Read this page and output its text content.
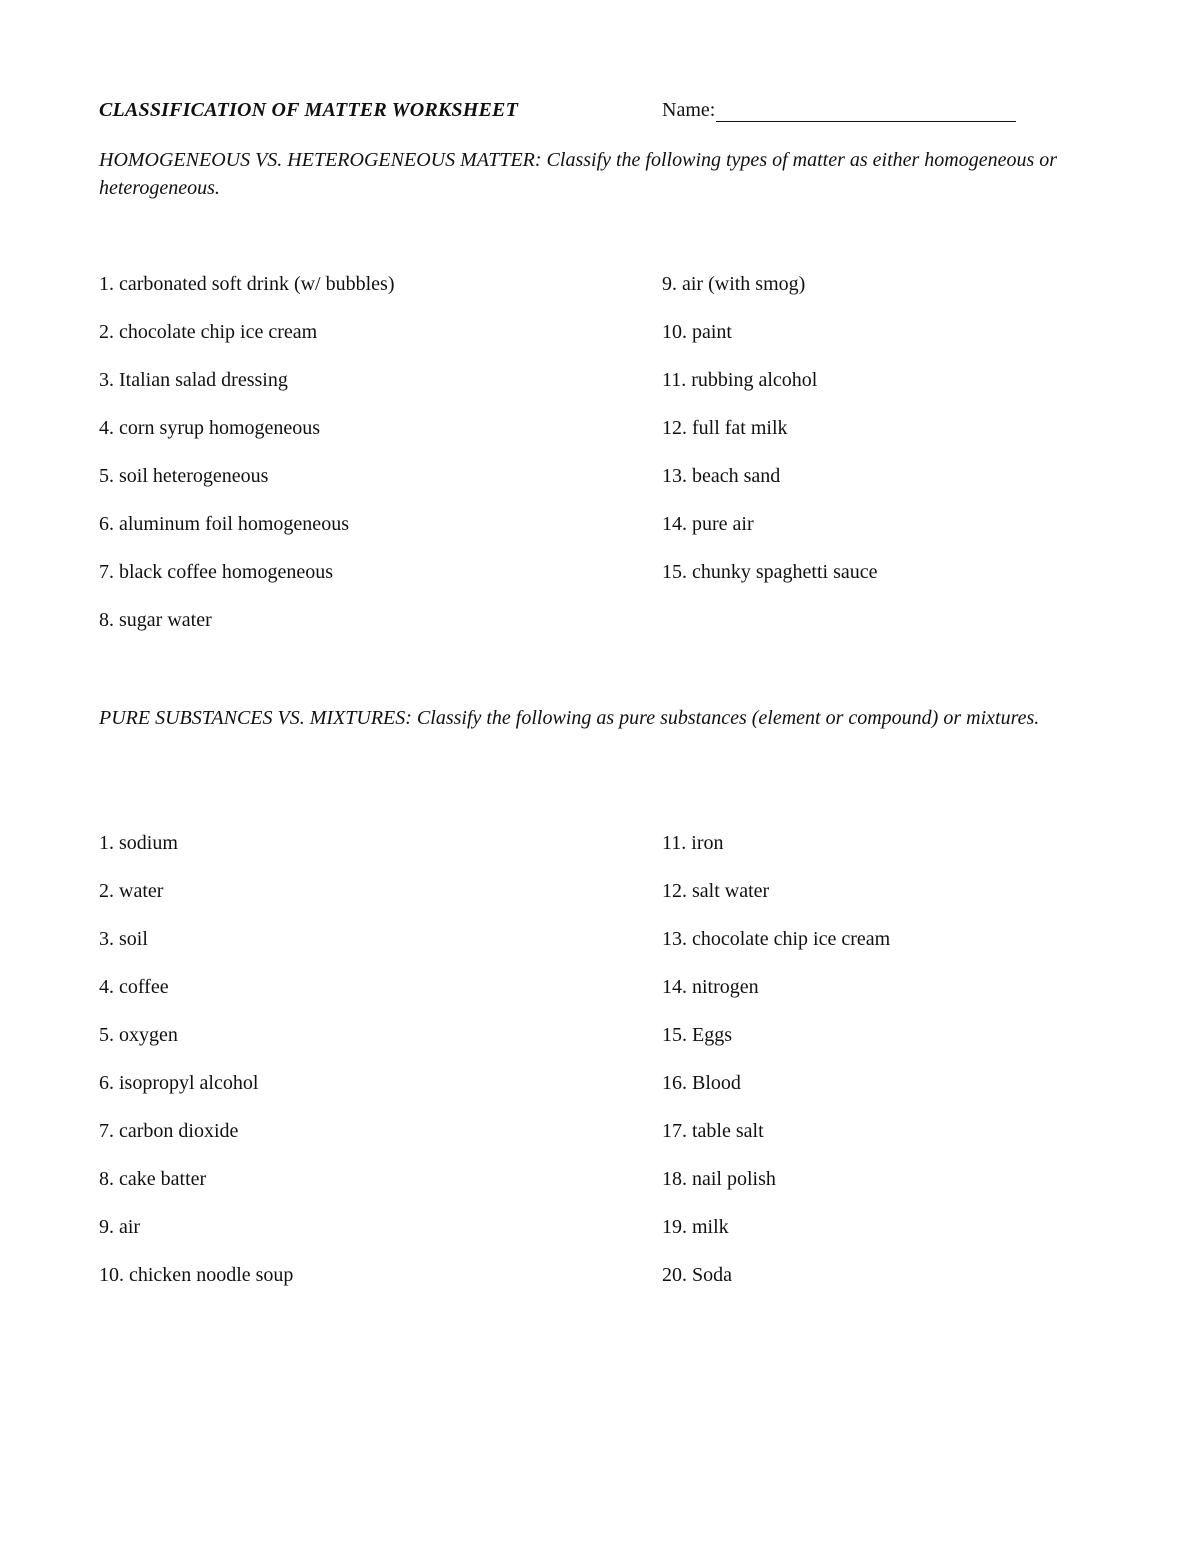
CLASSIFICATION OF MATTER WORKSHEET	Name:
HOMOGENEOUS VS. HETEROGENEOUS MATTER: Classify the following types of matter as either homogeneous or heterogeneous.
1. carbonated soft drink (w/ bubbles)
2. chocolate chip ice cream
3. Italian salad dressing
4. corn syrup homogeneous
5. soil heterogeneous
6. aluminum foil homogeneous
7. black coffee homogeneous
8. sugar water
9. air (with smog)
10. paint
11. rubbing alcohol
12. full fat milk
13. beach sand
14. pure air
15. chunky spaghetti sauce
PURE SUBSTANCES VS. MIXTURES: Classify the following as pure substances (element or compound) or mixtures.
1. sodium
2. water
3. soil
4. coffee
5. oxygen
6. isopropyl alcohol
7. carbon dioxide
8. cake batter
9. air
10. chicken noodle soup
11. iron
12. salt water
13. chocolate chip ice cream
14. nitrogen
15. Eggs
16. Blood
17. table salt
18. nail polish
19. milk
20. Soda
